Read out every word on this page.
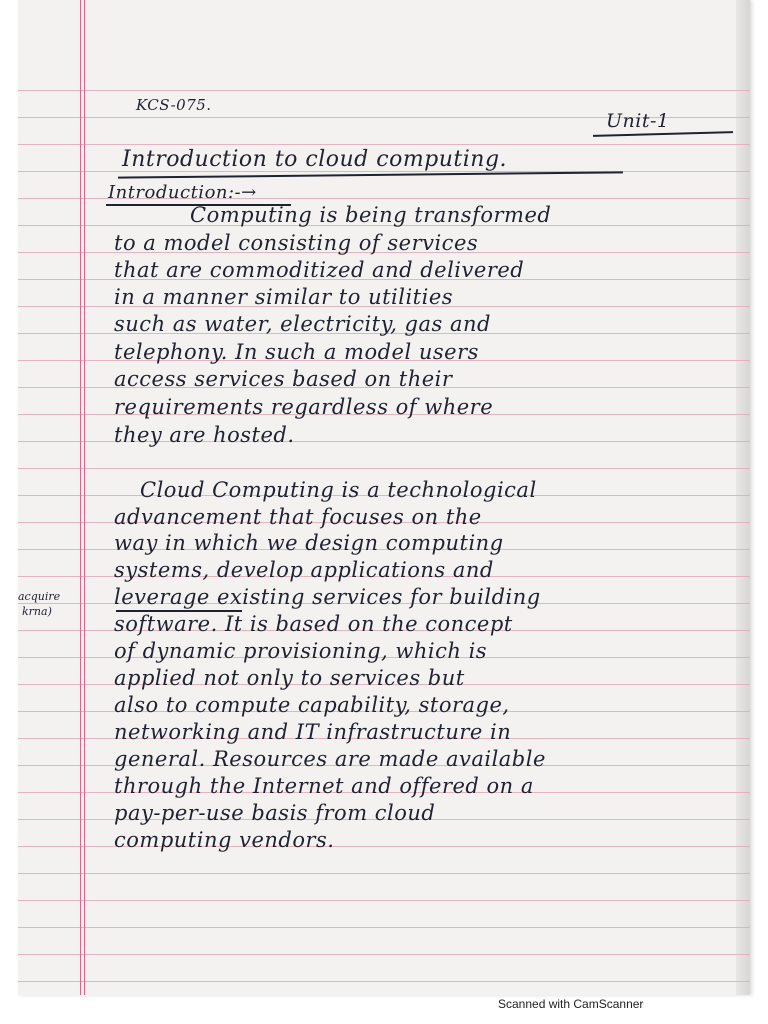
KCS-075.
Unit-1
Introduction to cloud computing.
Introduction:-→
Computing is being transformed
to a model consisting of services
that are commoditized and delivered
in a manner similar to utilities
such as water, electricity, gas and
telephony. In such a model users
access services based on their
requirements regardless of where
they are hosted.
Cloud Computing is a technological
advancement that focuses on the
way in which we design computing
systems, develop applications and
leverage existing services for building
software. It is based on the concept
of dynamic provisioning, which is
applied not only to services but
also to compute capability, storage,
networking and IT infrastructure in
general. Resources are made available
through the Internet and offered on a
pay-per-use basis from cloud
computing vendors.
acquire
krna)
Scanned with CamScanner
